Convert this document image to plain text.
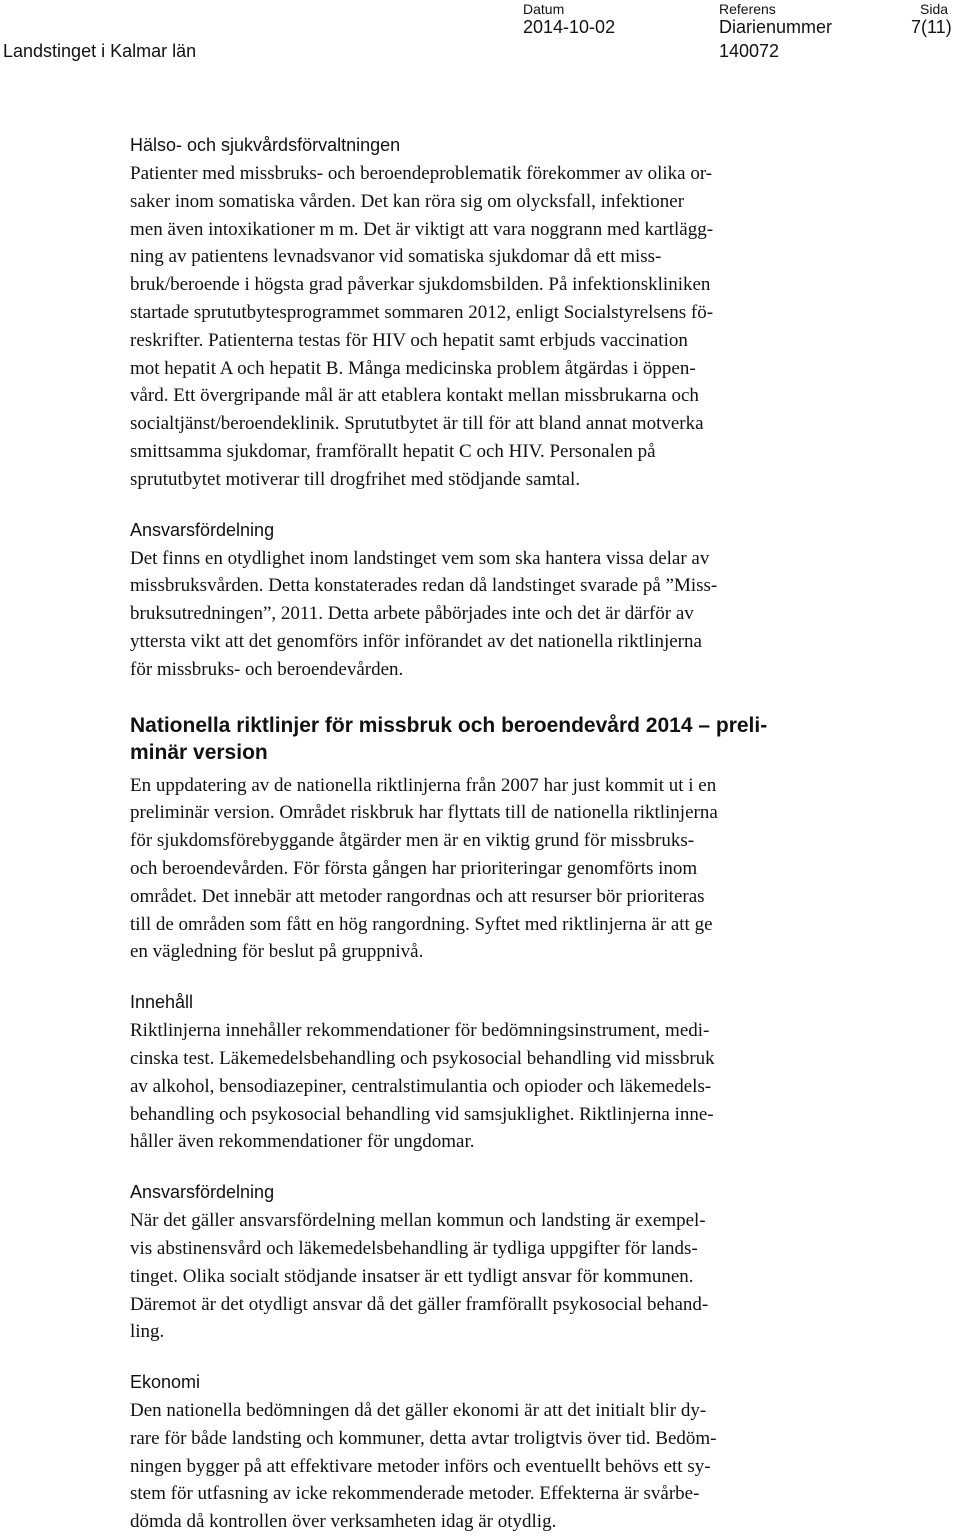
Landstinget i Kalmar län
Datum
2014-10-02
Referens
Diarienummer
140072
Sida
7(11)
Hälso- och sjukvårdsförvaltningen

Patienter med missbruks- och beroendeproblematik förekommer av olika or-
saker inom somatiska vården. Det kan röra sig om olycksfall, infektioner
men även intoxikationer m m. Det är viktigt att vara noggrann med kartlägg-
ning av patientens levnadsvanor vid somatiska sjukdomar då ett miss-
bruk/beroende i högsta grad påverkar sjukdomsbilden. På infektionskliniken
startade sprututbytesprogrammet sommaren 2012, enligt Socialstyrelsens fö-
reskrifter. Patienterna testas för HIV och hepatit samt erbjuds vaccination
mot hepatit A och hepatit B. Många medicinska problem åtgärdas i öppen-
vård. Ett övergripande mål är att etablera kontakt mellan missbrukarna och
socialtjänst/beroendeklinik. Sprututbytet är till för att bland annat motverka
smittsamma sjukdomar, framförallt hepatit C och HIV. Personalen på
sprututbytet motiverar till drogfrihet med stödjande samtal.

Ansvarsfördelning

Det finns en otydlighet inom landstinget vem som ska hantera vissa delar av
missbruksvården. Detta konstaterades redan då landstinget svarade på ”Miss-
bruksutredningen”, 2011. Detta arbete påbörjades inte och det är därför av
yttersta vikt att det genomförs inför införandet av det nationella riktlinjerna
för missbruks- och beroendevården.

Nationella riktlinjer för missbruk och beroendevård 2014 – preli-
minär version

En uppdatering av de nationella riktlinjerna från 2007 har just kommit ut i en
preliminär version. Området riskbruk har flyttats till de nationella riktlinjerna
för sjukdomsförebyggande åtgärder men är en viktig grund för missbruks-
och beroendevården. För första gången har prioriteringar genomförts inom
området. Det innebär att metoder rangordnas och att resurser bör prioriteras
till de områden som fått en hög rangordning. Syftet med riktlinjerna är att ge
en vägledning för beslut på gruppnivå.

Innehåll

Riktlinjerna innehåller rekommendationer för bedömningsinstrument, medi-
cinska test. Läkemedelsbehandling och psykosocial behandling vid missbruk
av alkohol, bensodiazepiner, centralstimulantia och opioder och läkemedels-
behandling och psykosocial behandling vid samsjuklighet. Riktlinjerna inne-
håller även rekommendationer för ungdomar.

Ansvarsfördelning

När det gäller ansvarsfördelning mellan kommun och landsting är exempel-
vis abstinensvård och läkemedelsbehandling är tydliga uppgifter för lands-
tinget. Olika socialt stödjande insatser är ett tydligt ansvar för kommunen.
Däremot är det otydligt ansvar då det gäller framförallt psykosocial behand-
ling.

Ekonomi

Den nationella bedömningen då det gäller ekonomi är att det initialt blir dy-
rare för både landsting och kommuner, detta avtar troligtvis över tid. Bedöm-
ningen bygger på att effektivare metoder införs och eventuellt behövs ett sy-
stem för utfasning av icke rekommenderade metoder. Effekterna är svårbe-
dömda då kontrollen över verksamheten idag är otydlig.
